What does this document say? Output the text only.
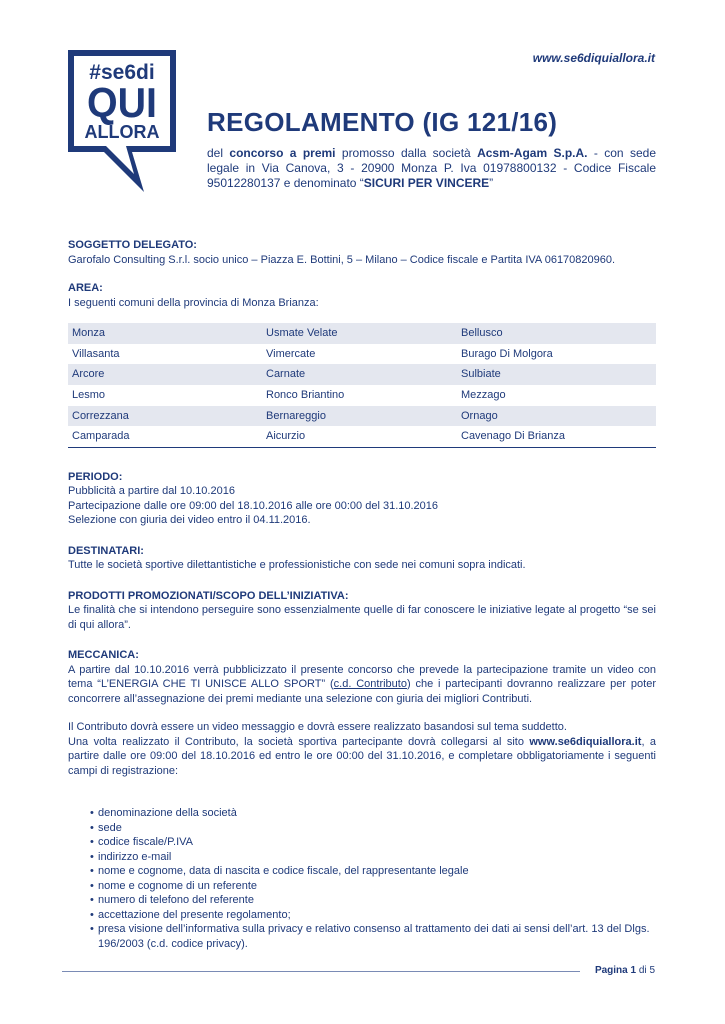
www.se6diquiallora.it
#se6di
QUI
ALLORA REGOLAMENTO (IG 121/16)
del concorso a premi promosso dalla società Acsm-Agam S.p.A. - con sede legale in Via Canova, 3 - 20900 Monza P. Iva 01978800132 - Codice Fiscale 95012280137 e denominato “SICURI PER VINCERE”
SOGGETTO DELEGATO:
Garofalo Consulting S.r.l. socio unico – Piazza E. Bottini, 5 – Milano – Codice fiscale e Partita IVA 06170820960.
AREA:
I seguenti comuni della provincia di Monza Brianza:
Monza	Usmate Velate	Bellusco
Villasanta	Vimercate	Burago Di Molgora
Arcore	Carnate	Sulbiate
Lesmo	Ronco Briantino	Mezzago
Correzzana	Bernareggio	Ornago
Camparada	Aicurzio	Cavenago Di Brianza
PERIODO:
Pubblicità a partire dal 10.10.2016
Partecipazione dalle ore 09:00 del 18.10.2016 alle ore 00:00 del 31.10.2016
Selezione con giuria dei video entro il 04.11.2016.
DESTINATARI:
Tutte le società sportive dilettantistiche e professionistiche con sede nei comuni sopra indicati.
PRODOTTI PROMOZIONATI/SCOPO DELL’INIZIATIVA:
Le finalità che si intendono perseguire sono essenzialmente quelle di far conoscere le iniziative legate al progetto “se sei di qui allora”.
MECCANICA:
A partire dal 10.10.2016 verrà pubblicizzato il presente concorso che prevede la partecipazione tramite un video con tema “L’ENERGIA CHE TI UNISCE ALLO SPORT” (c.d. Contributo) che i partecipanti dovranno realizzare per poter concorrere all’assegnazione dei premi mediante una selezione con giuria dei migliori Contributi.
Il Contributo dovrà essere un video messaggio e dovrà essere realizzato basandosi sul tema suddetto.
Una volta realizzato il Contributo, la società sportiva partecipante dovrà collegarsi al sito www.se6diquiallora.it, a partire dalle ore 09:00 del 18.10.2016 ed entro le ore 00:00 del 31.10.2016, e completare obbligatoriamente i seguenti campi di registrazione:
• denominazione della società
• sede
• codice fiscale/P.IVA
• indirizzo e-mail
• nome e cognome, data di nascita e codice fiscale, del rappresentante legale
• nome e cognome di un referente
• numero di telefono del referente
• accettazione del presente regolamento;
• presa visione dell’informativa sulla privacy e relativo consenso al trattamento dei dati ai sensi dell’art. 13 del Dlgs. 196/2003 (c.d. codice privacy).
Pagina 1 di 5
